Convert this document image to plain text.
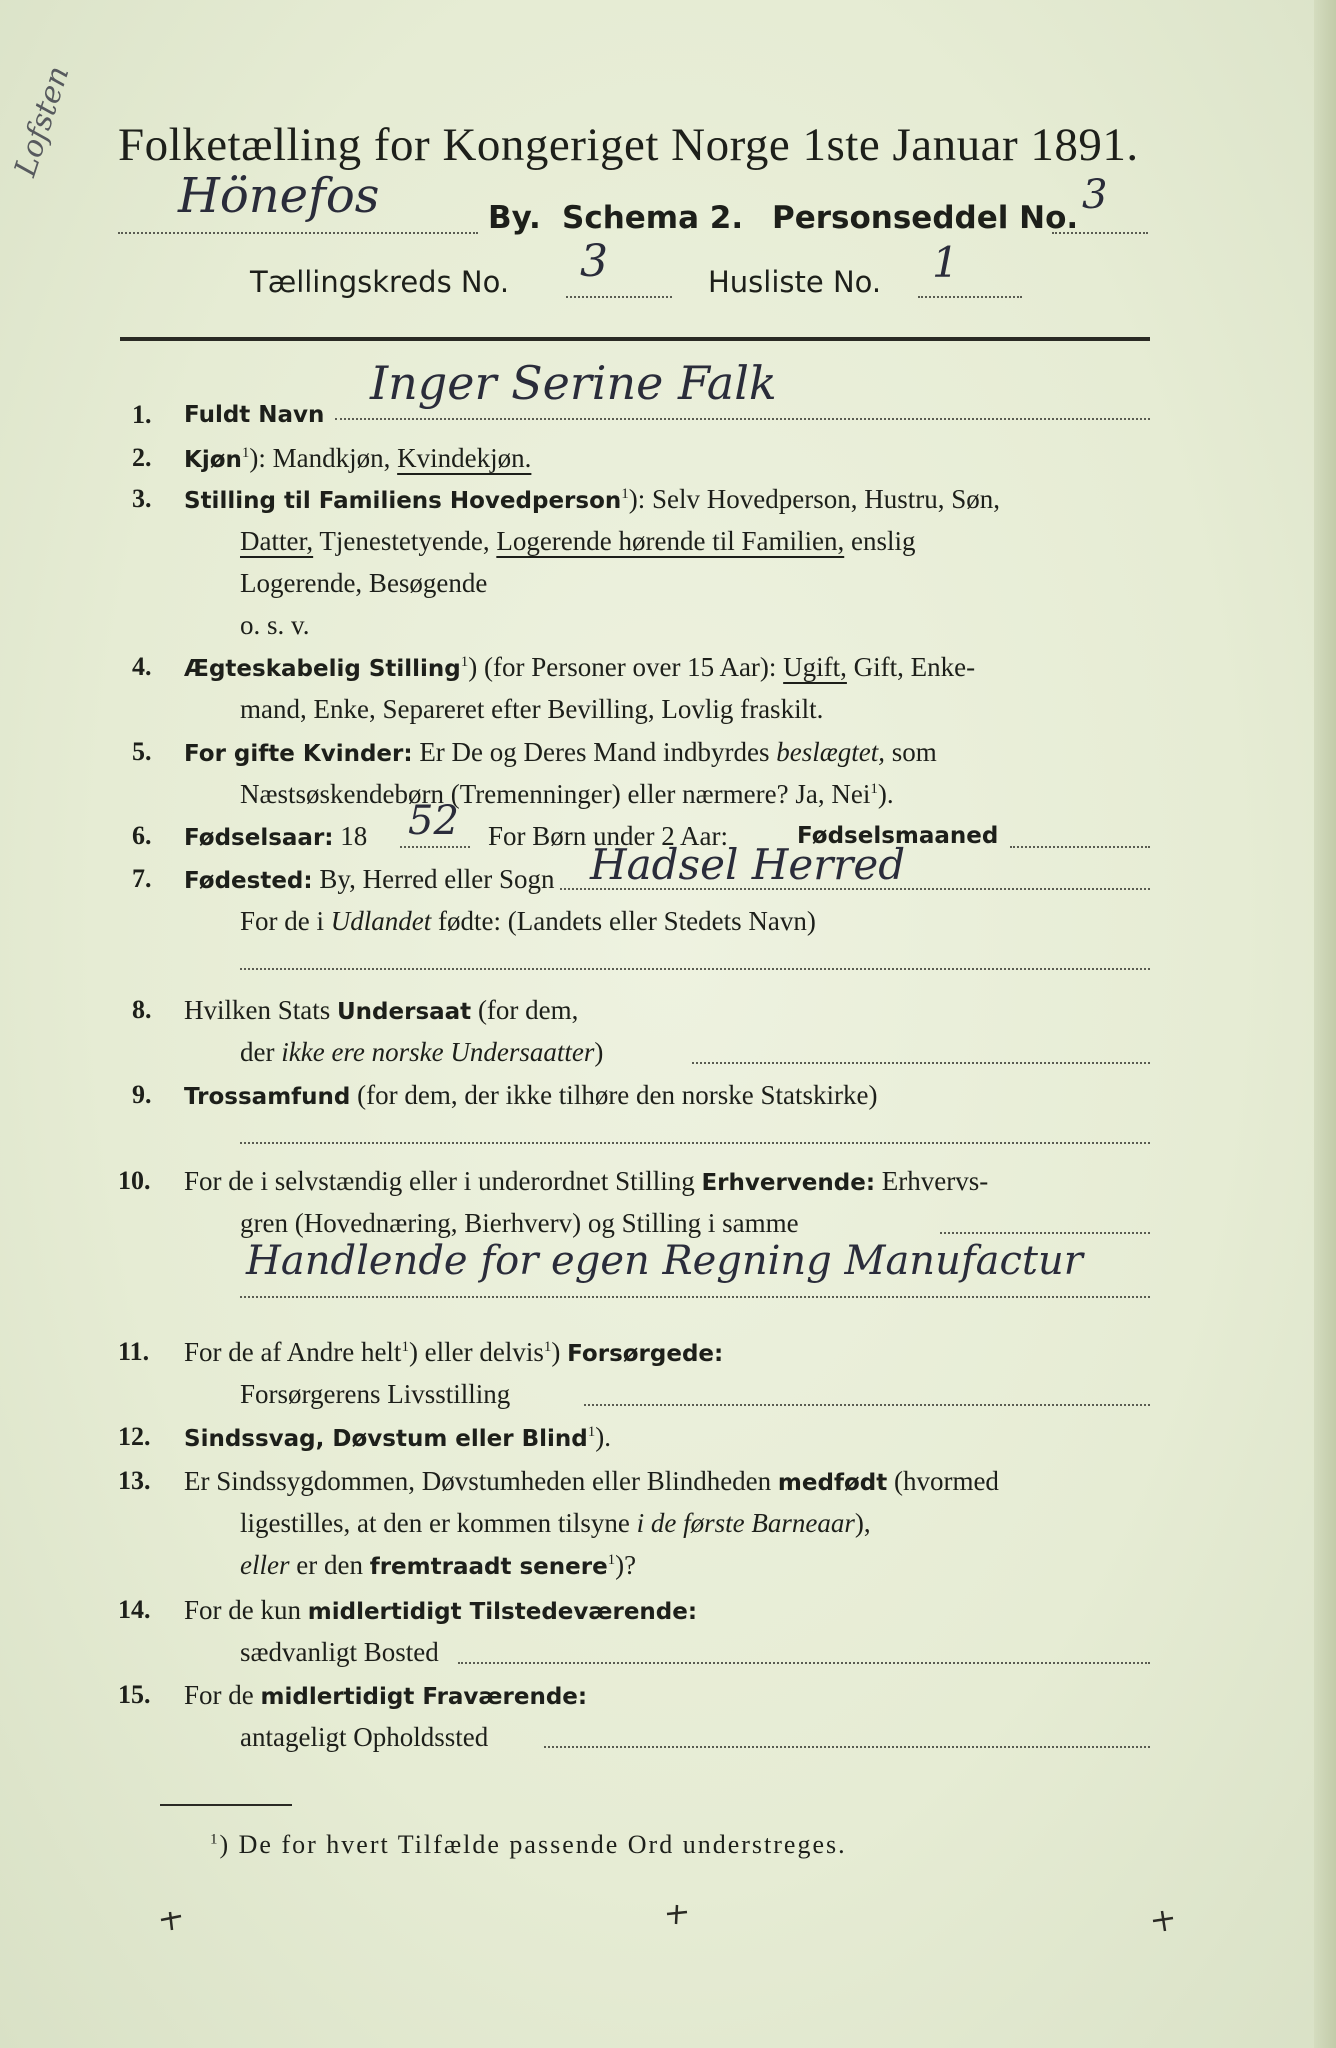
Lofsten Folketælling for Kongeriget Norge 1ste Januar 1891.
Hönefos	By. Schema 2. Personseddel No. 3
Tællingskreds No. 3	Husliste No. 1
1. Fuldt Navn
Inger Serine Falk
2. Kjøn$^1$): Mandkjøn, Kvindekjøn.
3. Stilling til Familiens Hovedperson$^1$): Selv Hovedperson, Hustru, Søn,
Datter, Tjenestetyende, Logerende hørende til Familien, enslig
Logerende, Besøgende
o. s. v.
4. Ægteskabelig Stilling$^1$) (for Personer over 15 Aar): Ugift, Gift, Enke-
mand, Enke, Separeret efter Bevilling, Lovlig fraskilt.
5. For gifte Kvinder: Er De og Deres Mand indbyrdes beslægtet, som
Næstsøskendebørn (Tremenninger) eller nærmere? Ja, Nei$^1$).
6. Fødselsaar: 18 52 For Børn under 2 Aar:	Fødselsmaaned
7. Fødested: By, Herred eller Sogn Hadsel Herred
For de i Udlandet fødte: (Landets eller Stedets Navn)
8. Hvilken Stats Undersaat (for dem,
der ikke ere norske Undersaatter)
9. Trossamfund (for dem, der ikke tilhøre den norske Statskirke)
10. For de i selvstændig eller i underordnet Stilling Erhvervende: Erhvervs-
gren (Hovednæring, Bierhverv) og Stilling i samme
Handlende for egen Regning Manufactur
11. For de af Andre helt$^1$) eller delvis$^1$) Forsørgede:
Forsørgerens Livsstilling
12. Sindssvag, Døvstum eller Blind$^1$).
13. Er Sindssygdommen, Døvstumheden eller Blindheden medfødt (hvormed
ligestilles, at den er kommen tilsyne i de første Barneaar),
eller er den fremtraadt senere$^1$)?
14. For de kun midlertidigt Tilstedeværende:
sædvanligt Bosted
15. For de midlertidigt Fraværende:
antageligt Opholdssted
$^1$) De for hvert Tilfælde passende Ord understreges.
